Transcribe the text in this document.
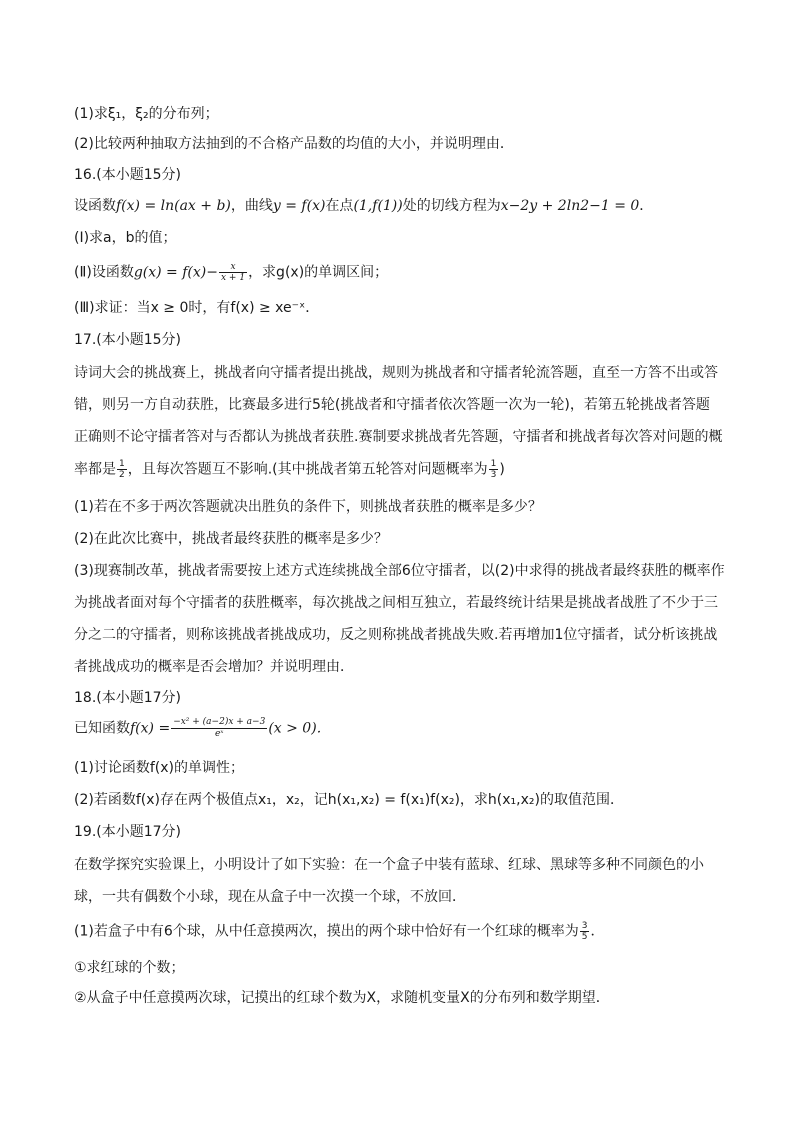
(1)求ξ₁，ξ₂的分布列；
(2)比较两种抽取方法抽到的不合格产品数的均值的大小，并说明理由．
16.(本小题15分)
设函数f(x) = ln(ax + b)，曲线y = f(x)在点(1,f(1))处的切线方程为x−2y + 2ln2−1 = 0．
(Ⅰ)求a，b的值；
(Ⅱ)设函数$g(x) = f(x)- \frac{x}{x + 1}$ ，求g(x)的单调区间；
(Ⅲ)求证：当x ≥ 0时，有f(x) ≥ xe⁻ˣ．
17.(本小题15分)
诗词大会的挑战赛上，挑战者向守擂者提出挑战，规则为挑战者和守擂者轮流答题，直至一方答不出或答
错，则另一方自动获胜，比赛最多进行5轮(挑战者和守擂者依次答题一次为一轮)，若第五轮挑战者答题
正确则不论守擂者答对与否都认为挑战者获胜.赛制要求挑战者先答题，守擂者和挑战者每次答对问题的概
率都是 $\frac{1}{2}$ ，且每次答题互不影响.(其中挑战者第五轮答对问题概率为 $\frac{1}{3}$ )
(1)若在不多于两次答题就决出胜负的条件下，则挑战者获胜的概率是多少？
(2)在此次比赛中，挑战者最终获胜的概率是多少？
(3)现赛制改革，挑战者需要按上述方式连续挑战全部6位守擂者，以(2)中求得的挑战者最终获胜的概率作
为挑战者面对每个守擂者的获胜概率，每次挑战之间相互独立，若最终统计结果是挑战者战胜了不少于三
分之二的守擂者，则称该挑战者挑战成功，反之则称挑战者挑战失败.若再增加1位守擂者，试分析该挑战
者挑战成功的概率是否会增加？并说明理由．
18.(本小题17分)
已知函数$f(x) = \frac{\text{−x² + (a−2)x + a−3}}{\text{eˣ}} (x > 0)$．
(1)讨论函数f(x)的单调性；
(2)若函数f(x)存在两个极值点x₁，x₂，记h(x₁,x₂) = f(x₁)f(x₂)，求h(x₁,x₂)的取值范围．
19.(本小题17分)
在数学探究实验课上，小明设计了如下实验：在一个盒子中装有蓝球、红球、黑球等多种不同颜色的小
球，一共有偶数个小球，现在从盒子中一次摸一个球，不放回．
(1)若盒子中有6个球，从中任意摸两次，摸出的两个球中恰好有一个红球的概率为 $\frac{3}{5}$ ．
①求红球的个数；
②从盒子中任意摸两次球，记摸出的红球个数为X，求随机变量X的分布列和数学期望．
